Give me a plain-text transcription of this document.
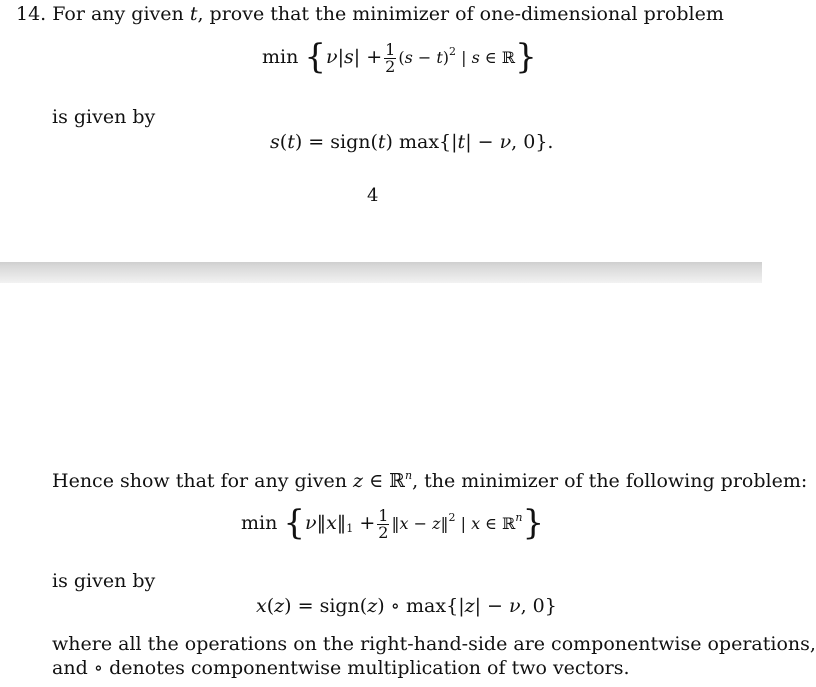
14. For any given t, prove that the minimizer of one-dimensional problem
$\min \{\nu|s| + \frac{1}{2} (s - t)^2$ | s ∈ ℝ}
is given by
s(t) = sign(t) max{|t| − ν, 0}.
4
Hence show that for any given z ∈ ℝ$^n$, the minimizer of the following problem:
$\min \{\nu‖x‖_1 + \frac{1}{2}$ ‖x − z‖$^2$ | x ∈ ℝ$^n$}
is given by
x(z) = sign(z) ∘ max{|z| − ν, 0}
where all the operations on the right-hand-side are componentwise operations,
and ∘ denotes componentwise multiplication of two vectors.
